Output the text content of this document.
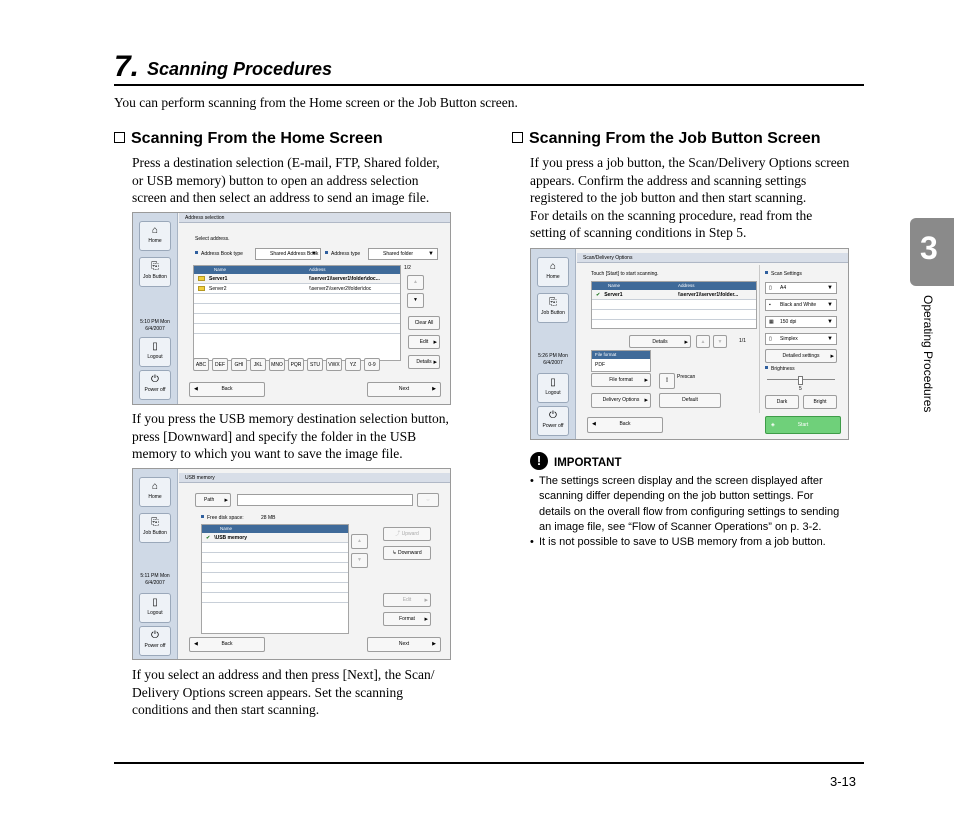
7. Scanning Procedures
You can perform scanning from the Home screen or the Job Button screen.
Scanning From the Home Screen
Press a destination selection (E-mail, FTP, Shared folder,
or USB memory) button to open an address selection
screen and then select an address to send an image file.
⌂
Home
⎘
Job Button
5:10 PM Mon
6/4/2007
▯
Logout
⏻
Power off
Address selection
Select address.
Address Book type	Shared Address Book ▼	Address type	Shared folder ▼
1/2
Name	Address
Server1	\\server1\\server1\folder\doc...
Server2	\\server2\\server2\folder\doc
▲
▼
Clear All
Edit ▸
Details ▸
ABC	DEF	GHI	JKL	MNO	PQR	STU	VWX	YZ	0-9
◀	Back	Next	▶
If you press the USB memory destination selection button,
press [Downward] and specify the folder in the USB
memory to which you want to save the image file.
⌂
Home
⎘
Job Button
5:11 PM Mon
6/4/2007
▯
Logout
⏻
Power off
USB memory
Path ▸	⇔
Free disk space:	28 MB
Name
✔ \USB memory	▲
▼
⤴ Upward
↳ Downward
Edit ▸
Format ▸
◀	Back	Next	▶
If you select an address and then press [Next], the Scan/
Delivery Options screen appears. Set the scanning
conditions and then start scanning.
Scanning From the Job Button Screen
If you press a job button, the Scan/Delivery Options screen
appears. Confirm the address and scanning settings
registered to the job button and then start scanning.
For details on the scanning procedure, read from the
setting of scanning conditions in Step 5.
⌂
Home
⎘
Job Button
5:26 PM Mon
6/4/2007
▯
Logout
⏻
Power off
Scan/Delivery Options
Touch [Start] to start scanning.
Name	Address
✔ Server1	\\server1\\server1\folder...
Details ▸	▲	▼	1/1
File format
PDF
File format ▸	▯	Prescan
Delivery Options ▸	Default
Scan Settings
▯ A4 ▼
▪ Black and White ▼
▦ 150 dpi ▼
▯ Simplex ▼
Detailed settings ▸
Brightness
5
Dark	Bright
◀	Back	◈	Start
!	IMPORTANT
• The settings screen display and the screen displayed after
scanning differ depending on the job button settings. For
details on the overall flow from configuring settings to sending
an image file, see “Flow of Scanner Operations” on p. 3-2.
• It is not possible to save to USB memory from a job button.
3
Operating Procedures
3-13
